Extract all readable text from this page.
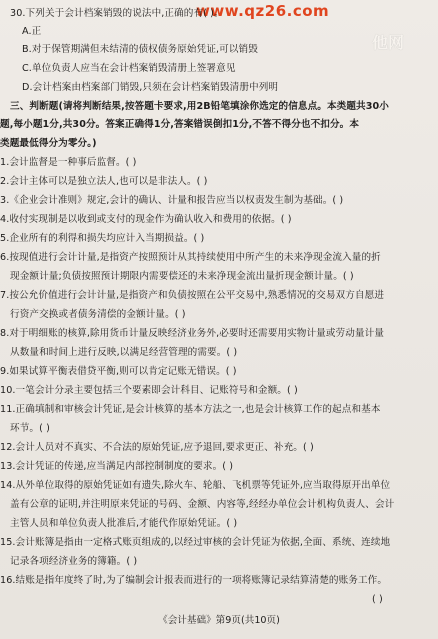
www.qz26.com
他网
30.下列关于会计档案销毁的说法中,正确的有( )。
A.正
B.对于保管期满但未结清的债权债务原始凭证,可以销毁
C.单位负责人应当在会计档案销毁清册上签署意见
D.会计档案由档案部门销毁,只须在会计档案销毁清册中列明
三、判断题(请将判断结果,按答题卡要求,用2B铅笔填涂你选定的信息点。本类题共30小
题,每小题1分,共30分。答案正确得1分,答案错误倒扣1分,不答不得分也不扣分。本
类题最低得分为零分。)
1.会计监督是一种事后监督。( )
2.会计主体可以是独立法人,也可以是非法人。( )
3.《企业会计准则》规定,会计的确认、计量和报告应当以权责发生制为基础。( )
4.收付实现制是以收到或支付的现金作为确认收入和费用的依据。( )
5.企业所有的利得和损失均应计入当期损益。( )
6.按现值进行会计计量,是指资产按照预计从其持续使用中所产生的未来净现金流入量的折
现金额计量;负债按照预计期限内需要偿还的未来净现金流出量折现金额计量。( )
7.按公允价值进行会计计量,是指资产和负债按照在公平交易中,熟悉情况的交易双方自愿进
行资产交换或者债务清偿的金额计量。( )
8.对于明细账的核算,除用货币计量反映经济业务外,必要时还需要用实物计量或劳动量计量
从数量和时间上进行反映,以满足经营管理的需要。( )
9.如果试算平衡表借贷平衡,则可以肯定记账无错误。( )
10.一笔会计分录主要包括三个要素即会计科目、记账符号和金额。( )
11.正确填制和审核会计凭证,是会计核算的基本方法之一,也是会计核算工作的起点和基本
环节。( )
12.会计人员对不真实、不合法的原始凭证,应予退回,要求更正、补充。( )
13.会计凭证的传递,应当满足内部控制制度的要求。( )
14.从外单位取得的原始凭证如有遗失,除火车、轮船、飞机票等凭证外,应当取得原开出单位
盖有公章的证明,并注明原来凭证的号码、金额、内容等,经经办单位会计机构负责人、会计
主管人员和单位负责人批准后,才能代作原始凭证。( )
15.会计账簿是指由一定格式账页组成的,以经过审核的会计凭证为依据,全面、系统、连续地
记录各项经济业务的簿籍。( )
16.结账是指年度终了时,为了编制会计报表而进行的一项将账簿记录结算清楚的账务工作。
( )
《会计基础》第9页(共10页)
